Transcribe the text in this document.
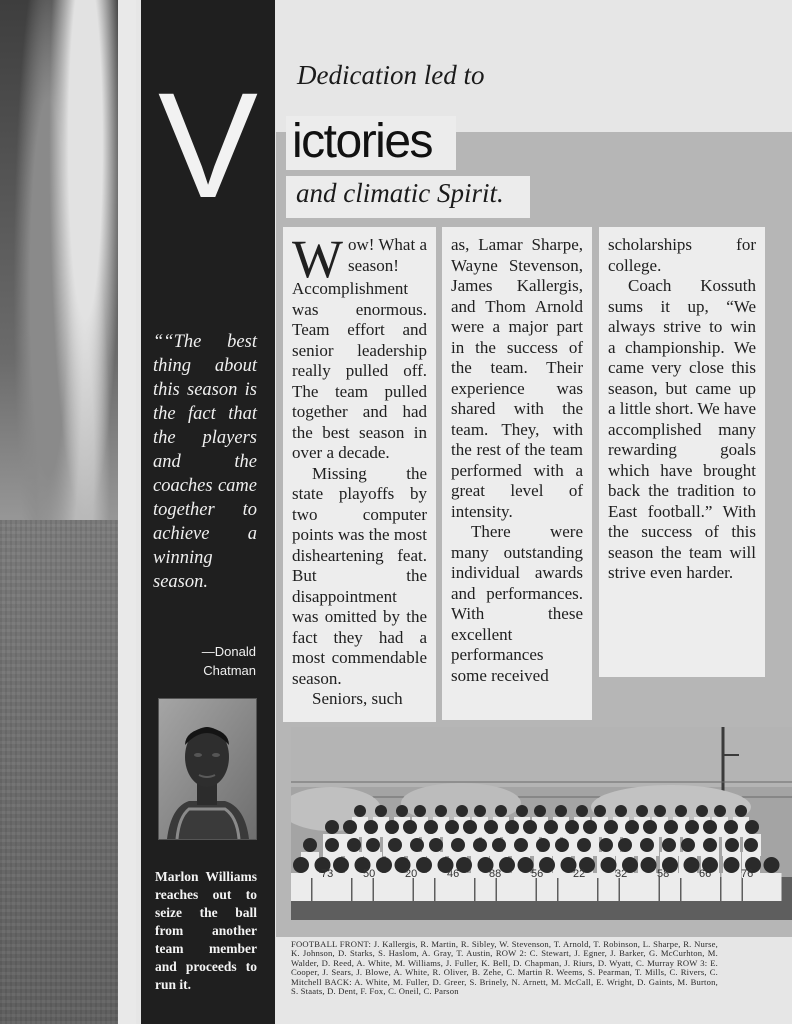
V
““The best thing about this season is the fact that the players and the coaches came together to achieve a winning season.
—Donald Chatman
Marlon Williams reaches out to seize the ball from another team member and proceeds to run it.
Dedication led to
ictories
and climatic Spirit.

Wow! What a season! Accomplishment was enormous. Team effort and senior leadership really pulled off. The team pulled together and had the best season in over a decade.

Missing the state playoffs by two computer points was the most disheartening feat. But the disappointment was omitted by the fact they had a most commendable season.

Seniors, such

as, Lamar Sharpe, Wayne Stevenson, James Kallergis, and Thom Arnold were a major part in the success of the team. Their experience was shared with the team. They, with the rest of the team performed with a great level of intensity.

There were many outstanding individual awards and performances. With these excellent performances some received

scholarships for college.

Coach Kossuth sums it up, “We always strive to win a championship. We came very close this season, but came up a little short. We have accomplished many rewarding goals which have brought back the tradition to East football.” With the success of this season the team will strive even harder.

73	50	20	46	88	56	22	32	58	66	76
FOOTBALL FRONT: J. Kallergis, R. Martin, R. Sibley, W. Stevenson, T. Arnold, T. Robinson, L. Sharpe, R. Nurse, K. Johnson, D. Starks, S. Haslom, A. Gray, T. Austin, ROW 2: C. Stewart, J. Egner, J. Barker, G. McCurhton, M. Walder, D. Reed, A. White, M. Williams, J. Fuller, K. Bell, D. Chapman, J. Riurs, D. Wyatt, C. Murray ROW 3: E. Cooper, J. Sears, J. Blowe, A. White, R. Oliver, B. Zehe, C. Martin R. Weems, S. Pearman, T. Mills, C. Rivers, C. Mitchell BACK: A. White, M. Fuller, D. Greer, S. Brinely, N. Arnett, M. McCall, E. Wright, D. Gaints, M. Burton, S. Staats, D. Dent, F. Fox, C. Oneil, C. Parson
